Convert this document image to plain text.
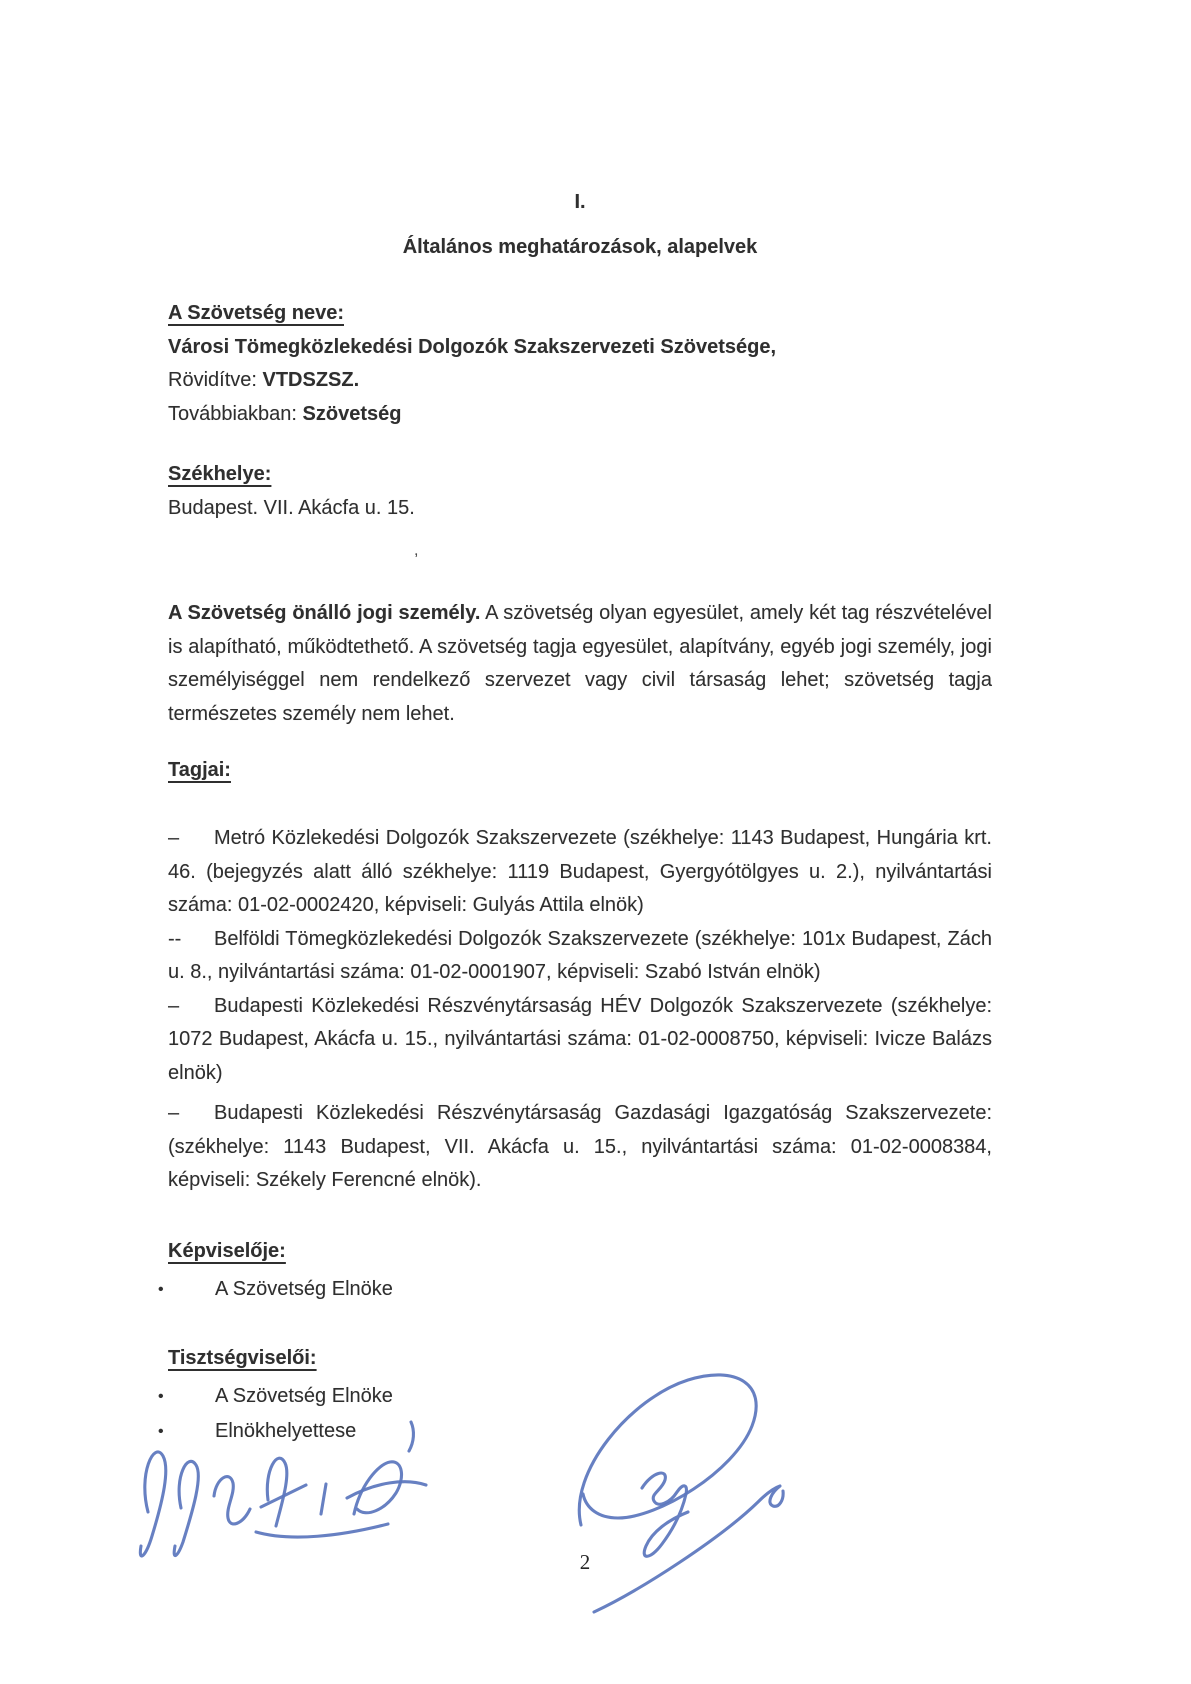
I.
Általános meghatározások, alapelvek
A Szövetség neve:
Városi Tömegközlekedési Dolgozók Szakszervezeti Szövetsége,
Rövidítve: VTDSZSZ.
Továbbiakban: Szövetség
Székhelye:
Budapest. VII. Akácfa u. 15.
,
A Szövetség önálló jogi személy. A szövetség olyan egyesület, amely két tag részvételével is alapítható, működtethető. A szövetség tagja egyesület, alapítvány, egyéb jogi személy, jogi személyiséggel nem rendelkező szervezet vagy civil társaság lehet; szövetség tagja természetes személy nem lehet.
Tagjai:

– Metró Közlekedési Dolgozók Szakszervezete (székhelye: 1143 Budapest, Hungária krt. 46. (bejegyzés alatt álló székhelye: 1119 Budapest, Gyergyótölgyes u. 2.), nyilvántartási száma: 01-02-0002420, képviseli: Gulyás Attila elnök)

-- Belföldi Tömegközlekedési Dolgozók Szakszervezete (székhelye: 101x Budapest, Zách u. 8., nyilvántartási száma: 01-02-0001907, képviseli: Szabó István elnök)

– Budapesti Közlekedési Részvénytársaság HÉV Dolgozók Szakszervezete (székhelye: 1072 Budapest, Akácfa u. 15., nyilvántartási száma: 01-02-0008750, képviseli: Ivicze Balázs elnök)

– Budapesti Közlekedési Részvénytársaság Gazdasági Igazgatóság Szakszervezete: (székhelye: 1143 Budapest, VII. Akácfa u. 15., nyilvántartási száma: 01-02-0008384, képviseli: Székely Ferencné elnök).

Képviselője:

•	A Szövetség Elnöke

Tisztségviselői:

•	A Szövetség Elnöke

•	Elnökhelyettese

2
